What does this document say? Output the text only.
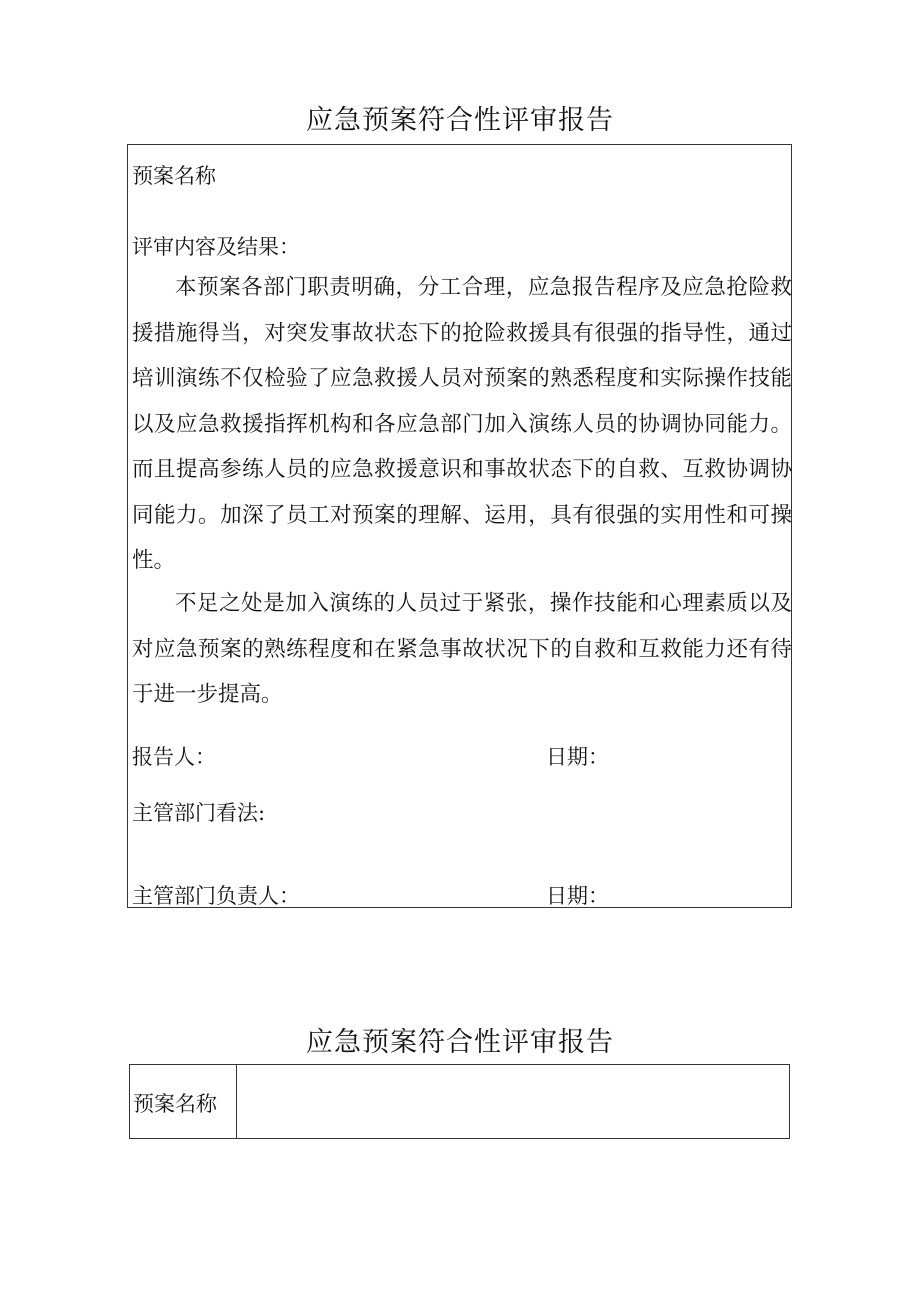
应急预案符合性评审报告
预案名称
评审内容及结果：

本预案各部门职责明确，分工合理，应急报告程序及应急抢险救援措施得当，对突发事故状态下的抢险救援具有很强的指导性，通过培训演练不仅检验了应急救援人员对预案的熟悉程度和实际操作技能以及应急救援指挥机构和各应急部门加入演练人员的协调协同能力。而且提高参练人员的应急救援意识和事故状态下的自救、互救协调协同能力。加深了员工对预案的理解、运用，具有很强的实用性和可操性。

不足之处是加入演练的人员过于紧张，操作技能和心理素质以及对应急预案的熟练程度和在紧急事故状况下的自救和互救能力还有待于进一步提高。

报告人：	日期：
主管部门看法:
主管部门负责人：	日期：
应急预案符合性评审报告
预案名称
